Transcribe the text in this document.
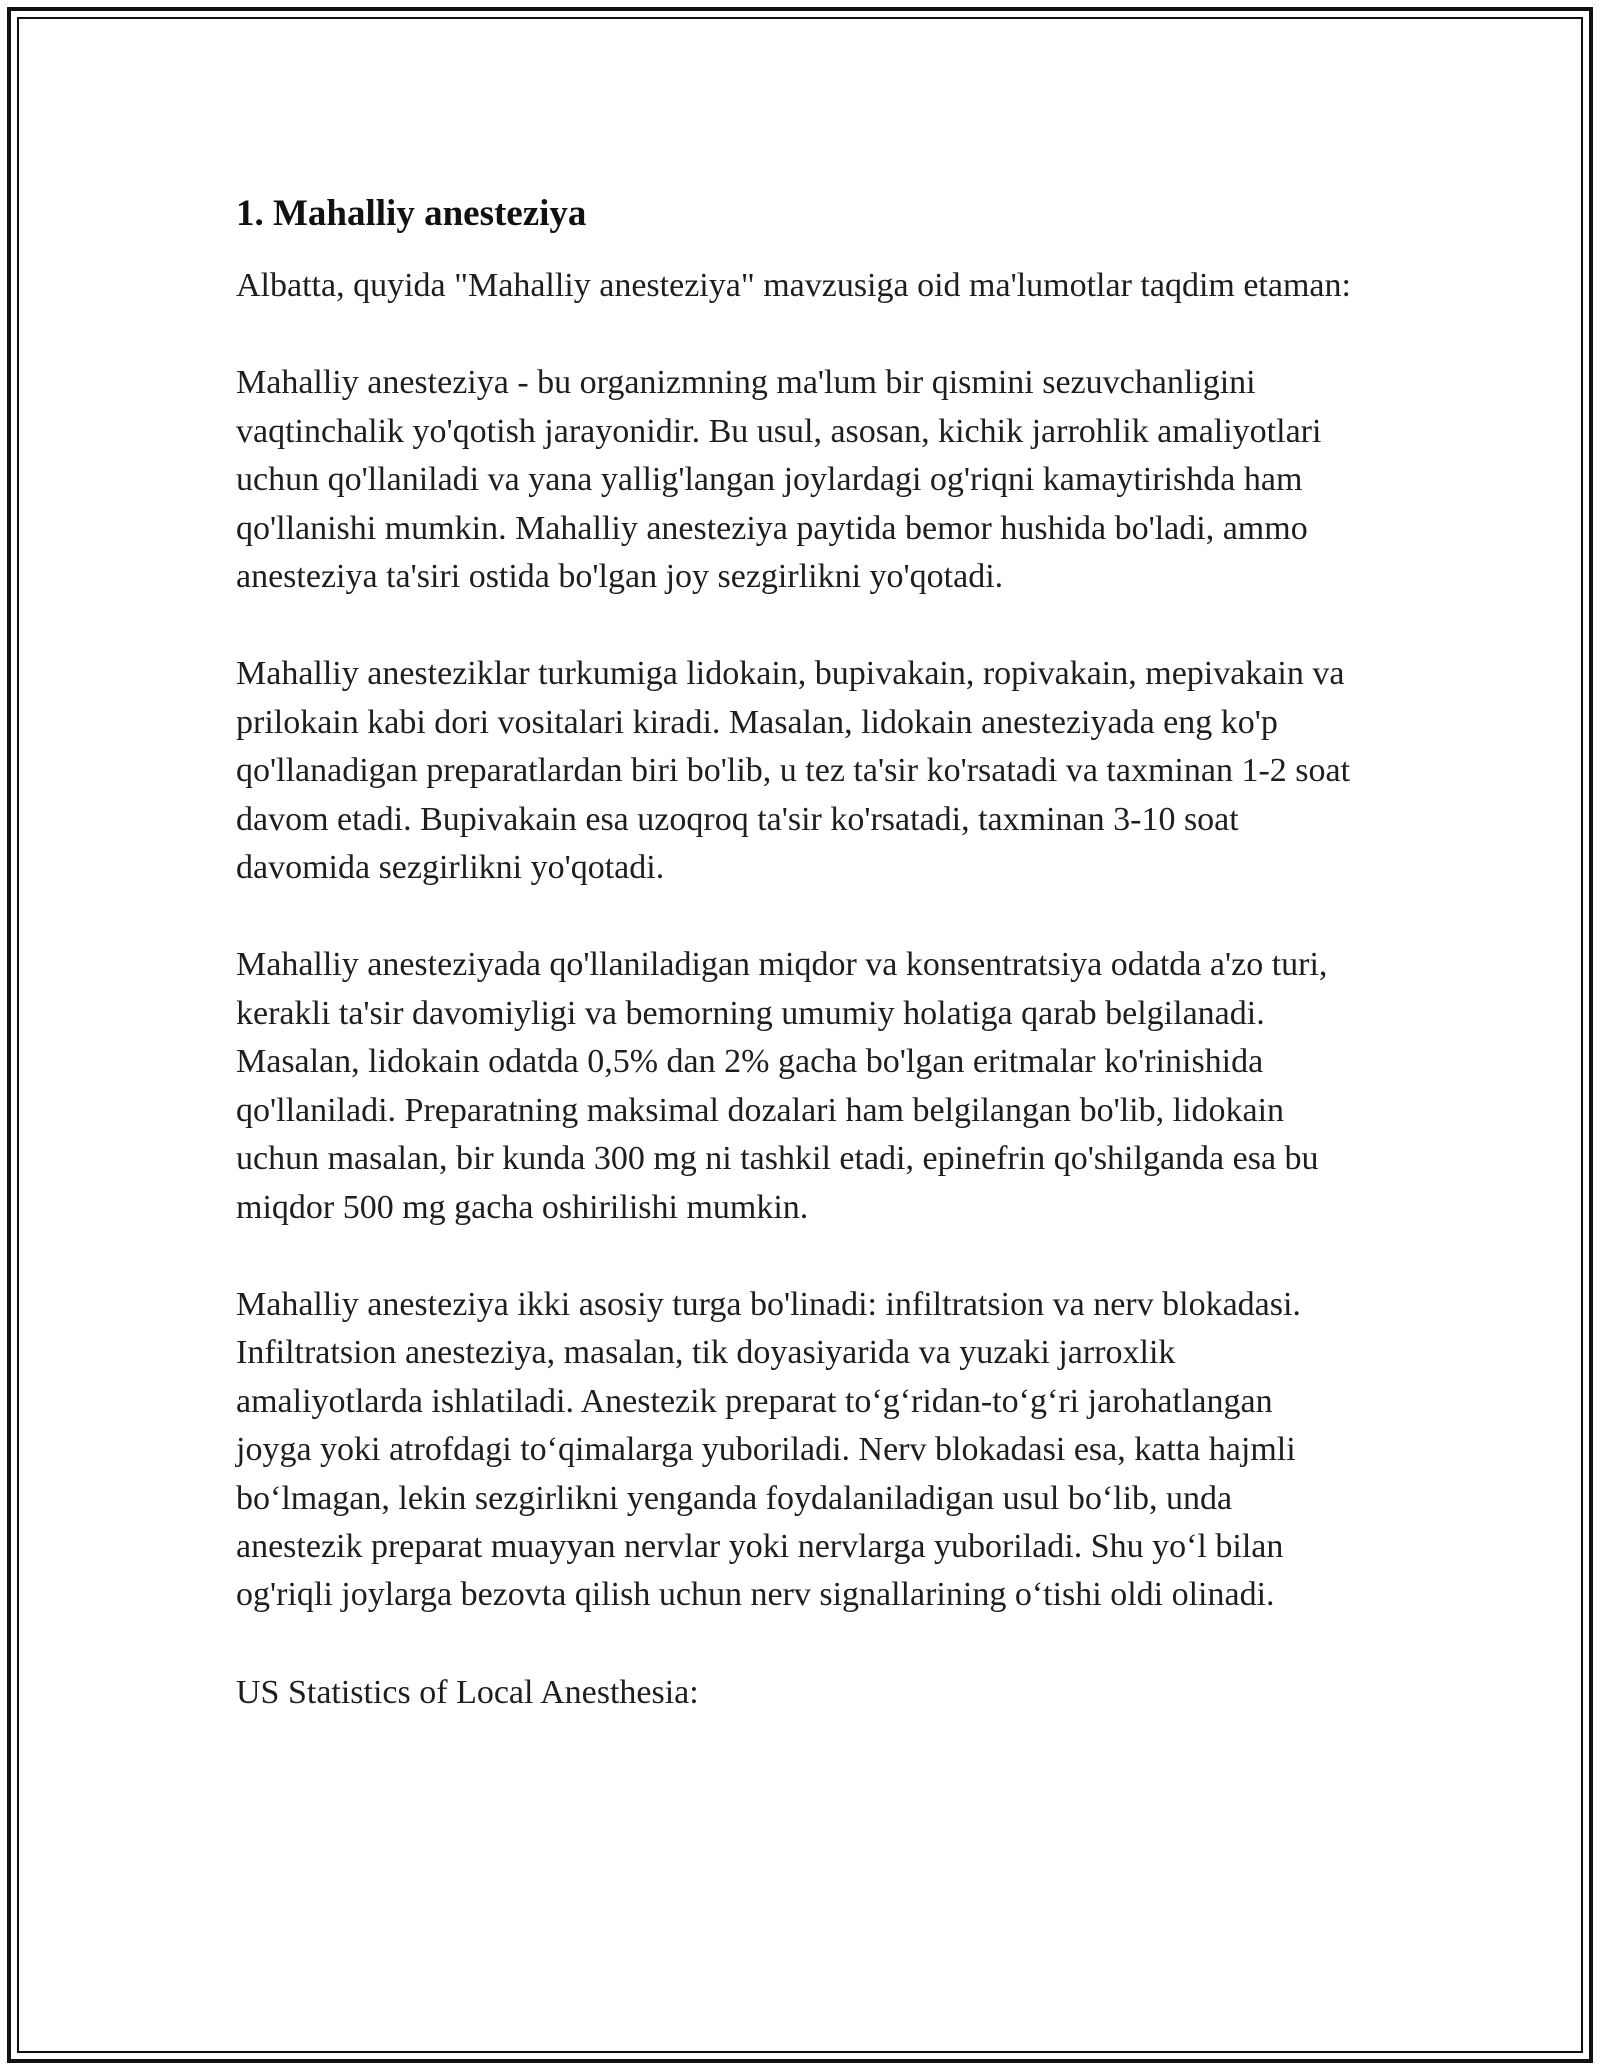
1. Mahalliy anesteziya

Albatta, quyida "Mahalliy anesteziya" mavzusiga oid ma'lumotlar taqdim etaman:

Mahalliy anesteziya - bu organizmning ma'lum bir qismini sezuvchanligini vaqtinchalik yo'qotish jarayonidir. Bu usul, asosan, kichik jarrohlik amaliyotlari uchun qo'llaniladi va yana yallig'langan joylardagi og'riqni kamaytirishda ham qo'llanishi mumkin. Mahalliy anesteziya paytida bemor hushida bo'ladi, ammo anesteziya ta'siri ostida bo'lgan joy sezgirlikni yo'qotadi.

Mahalliy anesteziklar turkumiga lidokain, bupivakain, ropivakain, mepivakain va prilokain kabi dori vositalari kiradi. Masalan, lidokain anesteziyada eng ko'p qo'llanadigan preparatlardan biri bo'lib, u tez ta'sir ko'rsatadi va taxminan 1-2 soat davom etadi. Bupivakain esa uzoqroq ta'sir ko'rsatadi, taxminan 3-10 soat davomida sezgirlikni yo'qotadi.

Mahalliy anesteziyada qo'llaniladigan miqdor va konsentratsiya odatda a'zo turi, kerakli ta'sir davomiyligi va bemorning umumiy holatiga qarab belgilanadi. Masalan, lidokain odatda 0,5% dan 2% gacha bo'lgan eritmalar ko'rinishida qo'llaniladi. Preparatning maksimal dozalari ham belgilangan bo'lib, lidokain uchun masalan, bir kunda 300 mg ni tashkil etadi, epinefrin qo'shilganda esa bu miqdor 500 mg gacha oshirilishi mumkin.

Mahalliy anesteziya ikki asosiy turga bo'linadi: infiltratsion va nerv blokadasi. Infiltratsion anesteziya, masalan, tik doyasiyarida va yuzaki jarroxlik amaliyotlarda ishlatiladi. Anestezik preparat to‘g‘ridan-to‘g‘ri jarohatlangan joyga yoki atrofdagi to‘qimalarga yuboriladi. Nerv blokadasi esa, katta hajmli bo‘lmagan, lekin sezgirlikni yenganda foydalaniladigan usul bo‘lib, unda anestezik preparat muayyan nervlar yoki nervlarga yuboriladi. Shu yo‘l bilan og'riqli joylarga bezovta qilish uchun nerv signallarining o‘tishi oldi olinadi.

US Statistics of Local Anesthesia:
